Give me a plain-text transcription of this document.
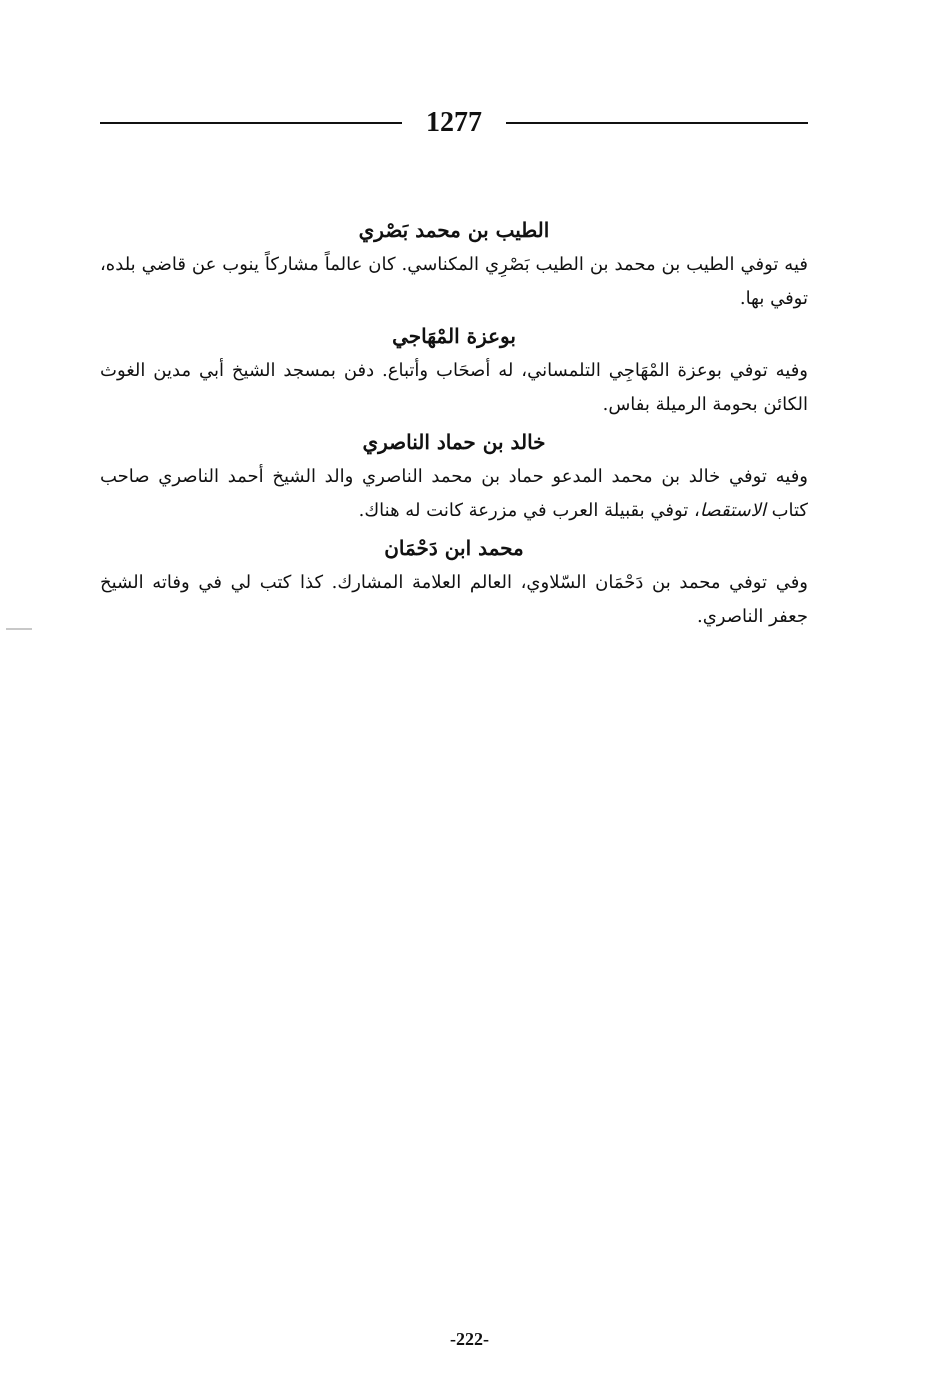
1277
الطيب بن محمد بَصْري

فيه توفي الطيب بن محمد بن الطيب بَصْرِي المكناسي. كان عالماً مشاركاً ينوب عن قاضي بلده، توفي بها.

بوعزة المْهَاجي

وفيه توفي بوعزة المْهَاجِي التلمساني، له أصحَاب وأتباع. دفن بمسجد الشيخ أبي مدين الغوث الكائن بحومة الرميلة بفاس.

خالد بن حماد الناصري

وفيه توفي خالد بن محمد المدعو حماد بن محمد الناصري والد الشيخ أحمد الناصري صاحب كتاب الاستقصا، توفي بقبيلة العرب في مزرعة كانت له هناك.

محمد ابن دَحْمَان

وفي توفي محمد بن دَحْمَان السّلاوي، العالم العلامة المشارك. كذا كتب لي في وفاته الشيخ جعفر الناصري.

-222-
